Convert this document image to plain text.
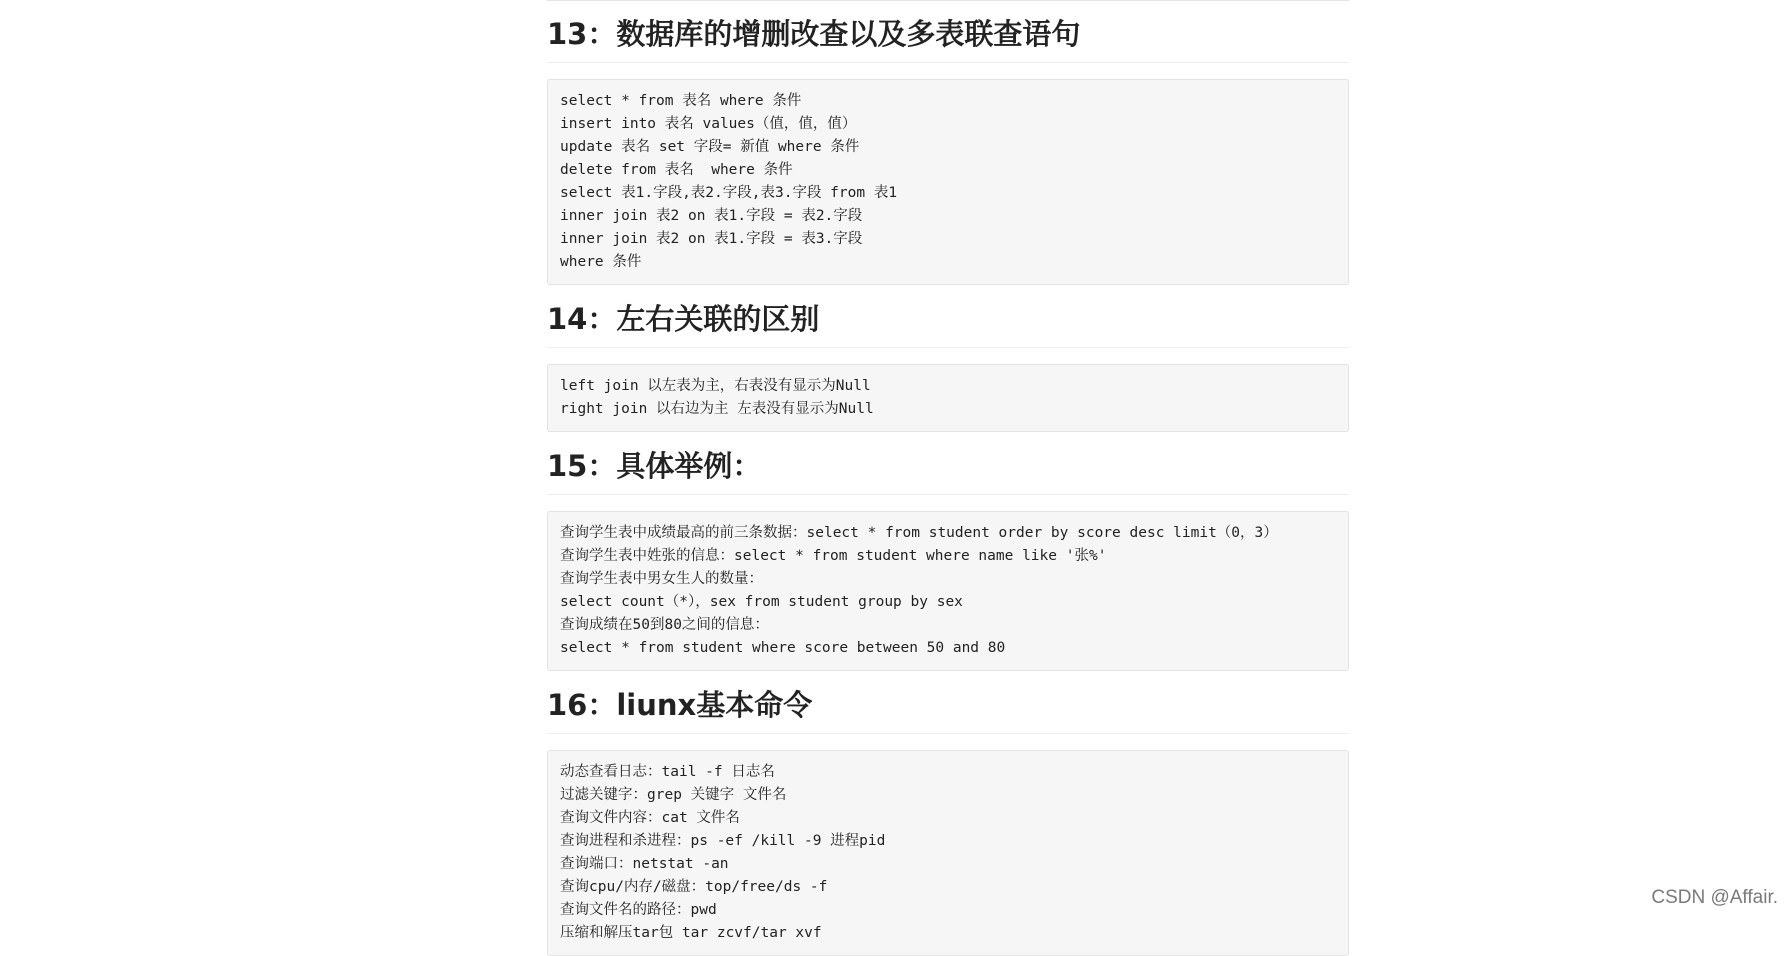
13：数据库的增删改查以及多表联查语句
select * from 表名 where 条件
insert into 表名 values（值，值，值）
update 表名 set 字段= 新值 where 条件
delete from 表名  where 条件
select 表1.字段,表2.字段,表3.字段 from 表1
inner join 表2 on 表1.字段 = 表2.字段
inner join 表2 on 表1.字段 = 表3.字段
where 条件
14：左右关联的区别
left join 以左表为主，右表没有显示为Null
right join 以右边为主 左表没有显示为Null
15：具体举例：
查询学生表中成绩最高的前三条数据：select * from student order by score desc limit（0，3）
查询学生表中姓张的信息：select * from student where name like '张%'
查询学生表中男女生人的数量：
select count（*），sex from student group by sex
查询成绩在50到80之间的信息：
select * from student where score between 50 and 80
16：liunx基本命令
动态查看日志：tail -f 日志名
过滤关键字：grep 关键字 文件名
查询文件内容：cat 文件名
查询进程和杀进程：ps -ef /kill -9 进程pid
查询端口：netstat -an
查询cpu/内存/磁盘：top/free/ds -f
查询文件名的路径：pwd
压缩和解压tar包 tar zcvf/tar xvf
CSDN @Affair.
